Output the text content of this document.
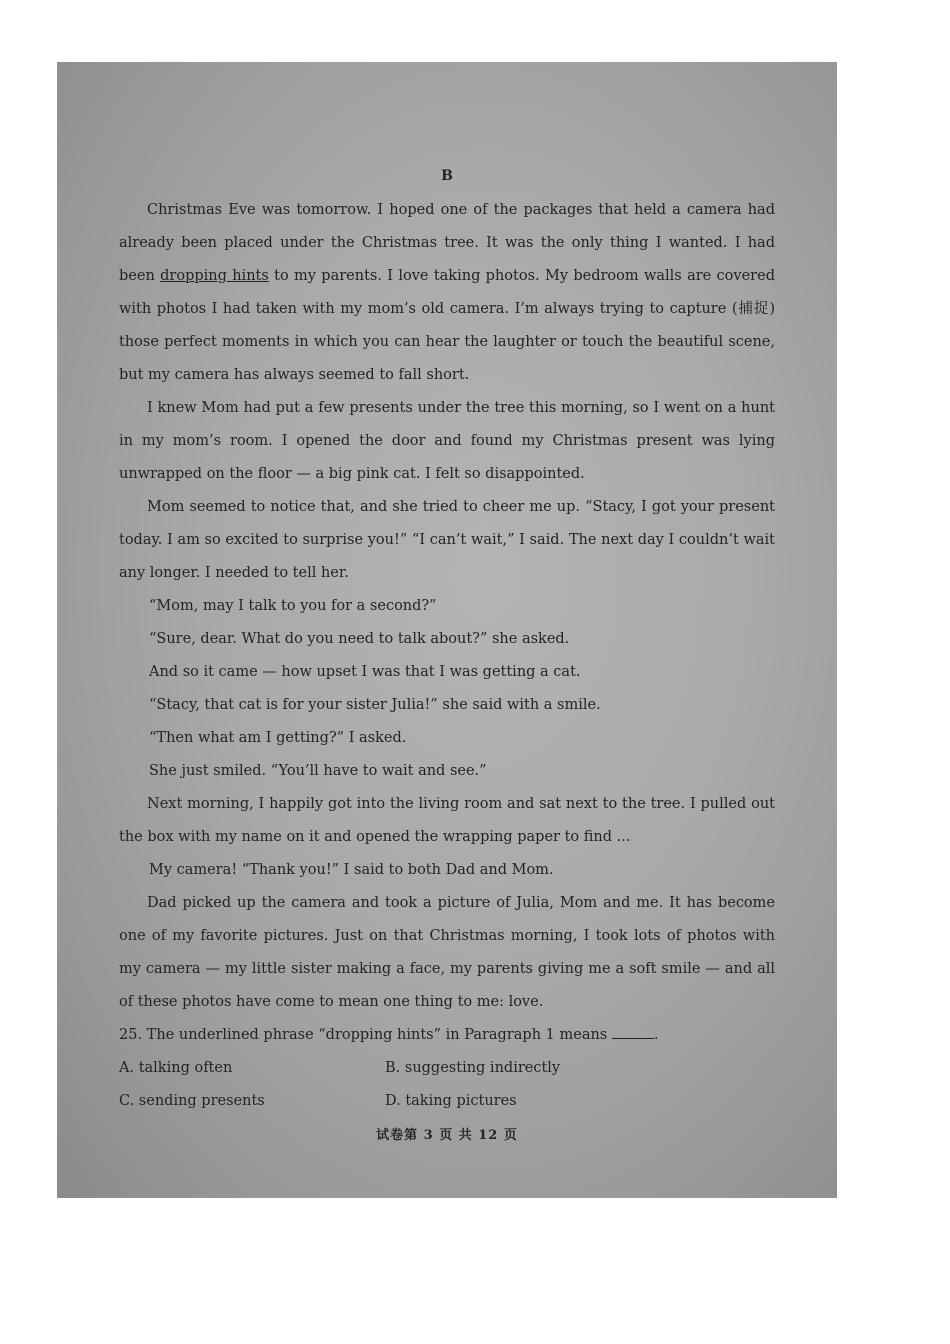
B

Christmas Eve was tomorrow. I hoped one of the packages that held a camera had already been placed under the Christmas tree. It was the only thing I wanted. I had been dropping hints to my parents. I love taking photos. My bedroom walls are covered with photos I had taken with my mom’s old camera. I’m always trying to capture (捕捉) those perfect moments in which you can hear the laughter or touch the beautiful scene, but my camera has always seemed to fall short.

I knew Mom had put a few presents under the tree this morning, so I went on a hunt in my mom’s room. I opened the door and found my Christmas present was lying unwrapped on the floor — a big pink cat. I felt so disappointed.

Mom seemed to notice that, and she tried to cheer me up. “Stacy, I got your present today. I am so excited to surprise you!” “I can’t wait,” I said. The next day I couldn’t wait any longer. I needed to tell her.

“Mom, may I talk to you for a second?”

“Sure, dear. What do you need to talk about?” she asked.

And so it came — how upset I was that I was getting a cat.

“Stacy, that cat is for your sister Julia!” she said with a smile.

“Then what am I getting?” I asked.

She just smiled. “You’ll have to wait and see.”

Next morning, I happily got into the living room and sat next to the tree. I pulled out the box with my name on it and opened the wrapping paper to find ...

My camera! “Thank you!” I said to both Dad and Mom.

Dad picked up the camera and took a picture of Julia, Mom and me. It has become one of my favorite pictures. Just on that Christmas morning, I took lots of photos with my camera — my little sister making a face, my parents giving me a soft smile — and all of these photos have come to mean one thing to me: love.

25. The underlined phrase “dropping hints” in Paragraph 1 means	.

A. talking often	B. suggesting indirectly
C. sending presents	D. taking pictures
试卷第 3 页 共 12 页
